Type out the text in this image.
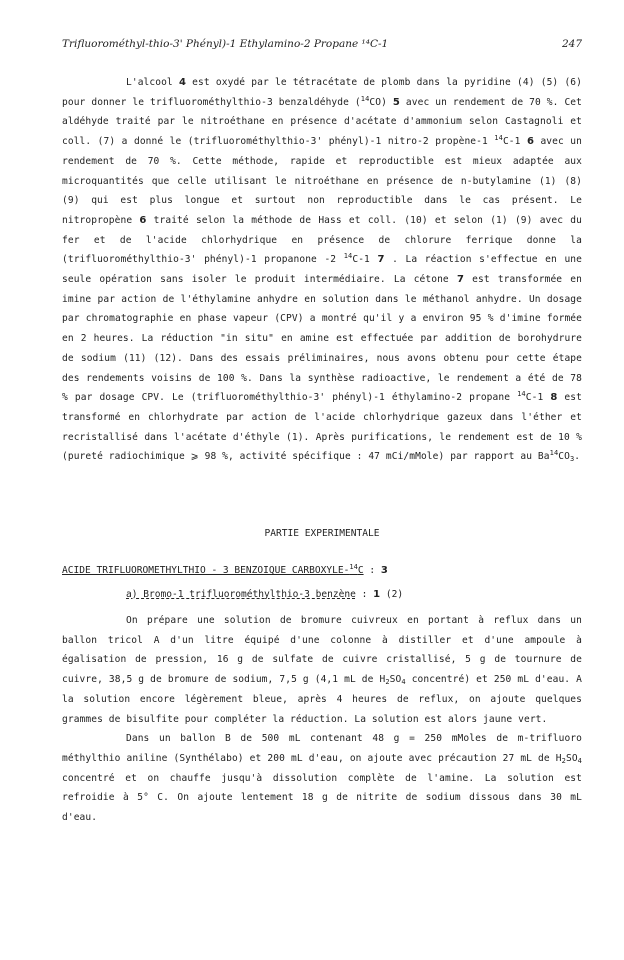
Trifluorométhyl-thio-3' Phényl)-1 Ethylamino-2 Propane ¹⁴C-1	247

L'alcool 4 est oxydé par le tétracétate de plomb dans la pyridine (4) (5) (6) pour donner le trifluorométhylthio-3 benzaldéhyde ($^{14}$CO) 5 avec un rendement de 70 %. Cet aldéhyde traité par le nitroéthane en présence d'acétate d'ammonium selon Castagnoli et coll. (7) a donné le (trifluorométhylthio-3' phényl)-1 nitro-2 propène-1 $^{14}$C-1 6 avec un rendement de 70 %. Cette méthode, rapide et reproductible est mieux adaptée aux microquantités que celle utilisant le nitroéthane en présence de n-butylamine (1) (8) (9) qui est plus longue et surtout non reproductible dans le cas présent. Le nitropropène 6 traité selon la méthode de Hass et coll. (10) et selon (1) (9) avec du fer et de l'acide chlorhydrique en présence de chlorure ferrique donne la (trifluorométhylthio-3' phényl)-1 propanone -2 $^{14}$C-1 7 . La réaction s'effectue en une seule opération sans isoler le produit intermédiaire. La cétone 7 est transformée en imine par action de l'éthylamine anhydre en solution dans le méthanol anhydre. Un dosage par chromatographie en phase vapeur (CPV) a montré qu'il y a environ 95 % d'imine formée en 2 heures. La réduction "in situ" en amine est effectuée par addition de borohydrure de sodium (11) (12). Dans des essais préliminaires, nous avons obtenu pour cette étape des rendements voisins de 100 %. Dans la synthèse radioactive, le rendement a été de 78 % par dosage CPV. Le (trifluorométhylthio-3' phényl)-1 éthylamino-2 propane $^{14}$C-1 8 est transformé en chlorhydrate par action de l'acide chlorhydrique gazeux dans l'éther et recristallisé dans l'acétate d'éthyle (1). Après purifications, le rendement est de 10 % (pureté radiochimique ⩾ 98 %, activité spécifique : 47 mCi/mMole) par rapport au $Ba^{14}CO_3$.

PARTIE EXPERIMENTALE
ACIDE TRIFLUOROMETHYLTHIO - 3 BENZOIQUE CARBOXYLE-$^{14}$C : 3
a) Bromo-1 trifluorométhylthio-3 benzène : 1 (2)

On prépare une solution de bromure cuivreux en portant à reflux dans un ballon tricol A d'un litre équipé d'une colonne à distiller et d'une ampoule à égalisation de pression, 16 g de sulfate de cuivre cristallisé, 5 g de tournure de cuivre, 38,5 g de bromure de sodium, 7,5 g (4,1 mL de $H_2SO_4$ concentré) et 250 mL d'eau. A la solution encore légèrement bleue, après 4 heures de reflux, on ajoute quelques grammes de bisulfite pour compléter la réduction. La solution est alors jaune vert.

Dans un ballon B de 500 mL contenant 48 g = 250 mMoles de m-trifluoro méthylthio aniline (Synthélabo) et 200 mL d'eau, on ajoute avec précaution 27 mL de $H_2SO_4$ concentré et on chauffe jusqu'à dissolution complète de l'amine. La solution est refroidie à 5° C. On ajoute lentement 18 g de nitrite de sodium dissous dans 30 mL d'eau.
